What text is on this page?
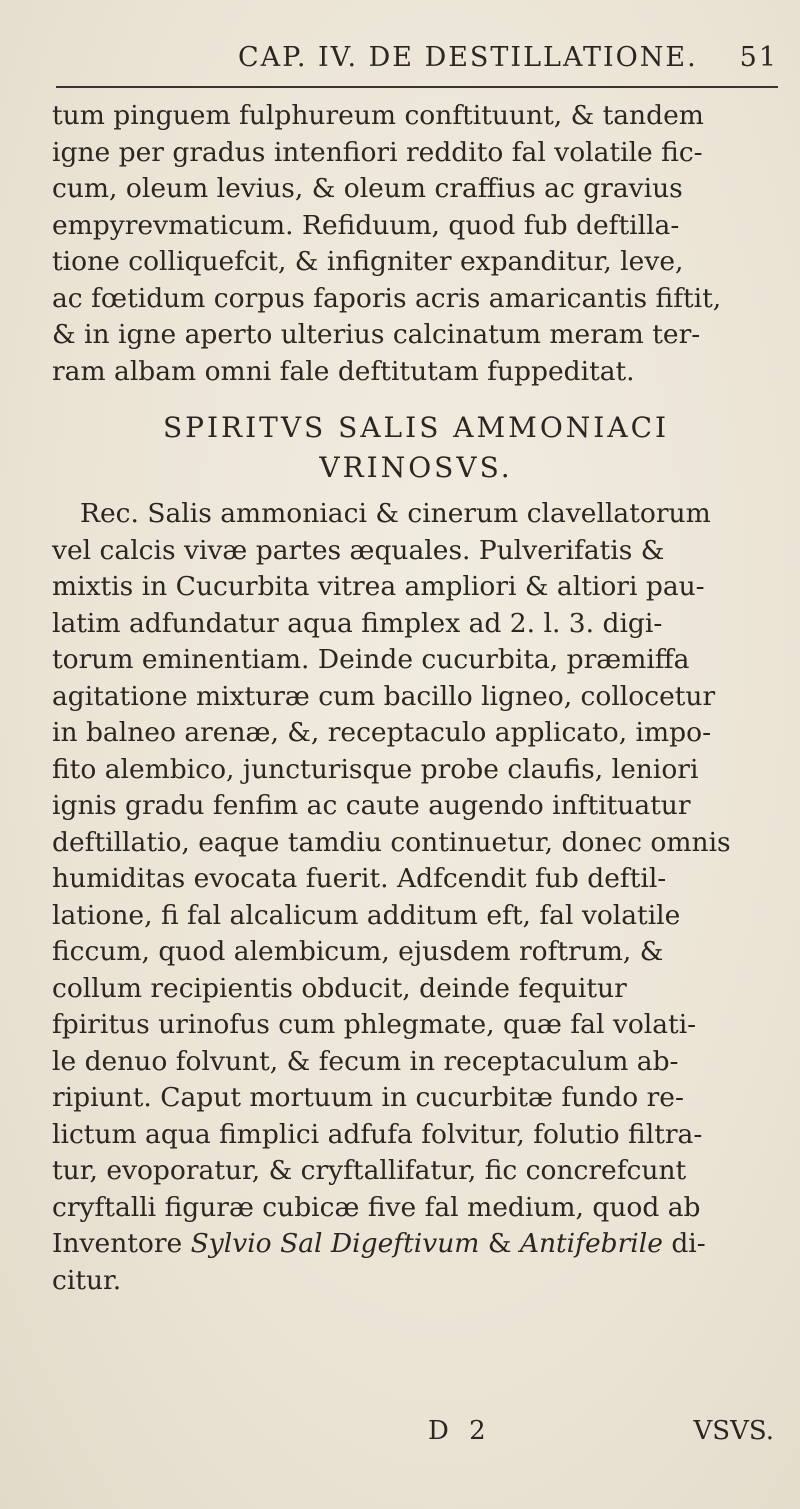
CAP. IV. DE DESTILLATIONE. 51
tum pinguem fulphureum conftituunt, & tandem
igne per gradus intenfiori reddito fal volatile fic-
cum, oleum levius, & oleum craffius ac gravius
empyrevmaticum. Refiduum, quod fub deftilla-
tione colliquefcit, & infigniter expanditur, leve,
ac fœtidum corpus faporis acris amaricantis fiftit,
& in igne aperto ulterius calcinatum meram ter-
ram albam omni fale deftitutam fuppeditat.
SPIRITVS SALIS AMMONIACI
VRINOSVS.
Rec. Salis ammoniaci & cinerum clavellatorum
vel calcis vivæ partes æquales. Pulverifatis &
mixtis in Cucurbita vitrea ampliori & altiori pau-
latim adfundatur aqua fimplex ad 2. l. 3. digi-
torum eminentiam. Deinde cucurbita, præmiffa
agitatione mixturæ cum bacillo ligneo, collocetur
in balneo arenæ, &, receptaculo applicato, impo-
fito alembico, juncturisque probe claufis, leniori
ignis gradu fenfim ac caute augendo inftituatur
deftillatio, eaque tamdiu continuetur, donec omnis
humiditas evocata fuerit. Adfcendit fub deftil-
latione, fi fal alcalicum additum eft, fal volatile
ficcum, quod alembicum, ejusdem roftrum, &
collum recipientis obducit, deinde fequitur
fpiritus urinofus cum phlegmate, quæ fal volati-
le denuo folvunt, & fecum in receptaculum ab-
ripiunt. Caput mortuum in cucurbitæ fundo re-
lictum aqua fimplici adfufa folvitur, folutio filtra-
tur, evoporatur, & cryftallifatur, fic concrefcunt
cryftalli figuræ cubicæ five fal medium, quod ab
Inventore Sylvio Sal Digeftivum & Antifebrile di-
citur.
D 2	VSVS.
